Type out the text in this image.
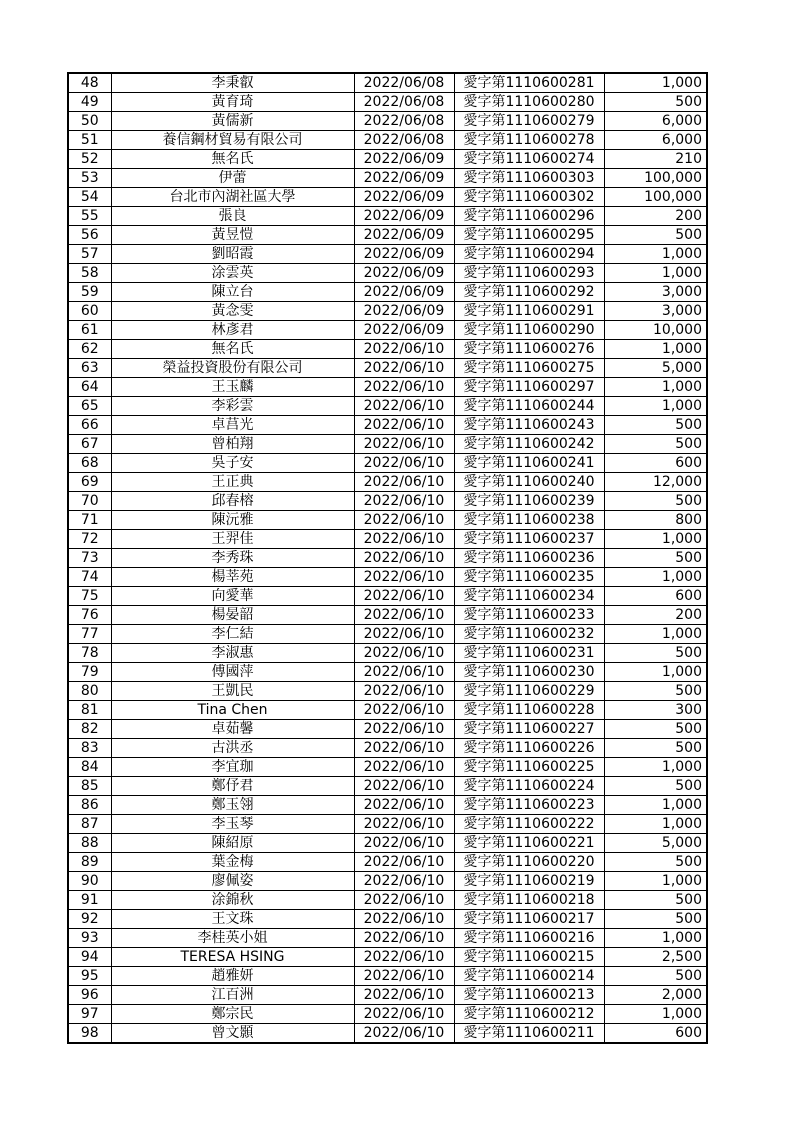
48	李秉叡	2022/06/08	愛字第1110600281	1,000
49	黃育琦	2022/06/08	愛字第1110600280	500
50	黃儒新	2022/06/08	愛字第1110600279	6,000
51	養信鋼材貿易有限公司	2022/06/08	愛字第1110600278	6,000
52	無名氏	2022/06/09	愛字第1110600274	210
53	伊蕾	2022/06/09	愛字第1110600303	100,000
54	台北市內湖社區大學	2022/06/09	愛字第1110600302	100,000
55	張良	2022/06/09	愛字第1110600296	200
56	黃昱愷	2022/06/09	愛字第1110600295	500
57	劉昭霞	2022/06/09	愛字第1110600294	1,000
58	涂雲英	2022/06/09	愛字第1110600293	1,000
59	陳立台	2022/06/09	愛字第1110600292	3,000
60	黃念雯	2022/06/09	愛字第1110600291	3,000
61	林彥君	2022/06/09	愛字第1110600290	10,000
62	無名氏	2022/06/10	愛字第1110600276	1,000
63	榮益投資股份有限公司	2022/06/10	愛字第1110600275	5,000
64	王玉麟	2022/06/10	愛字第1110600297	1,000
65	李彩雲	2022/06/10	愛字第1110600244	1,000
66	卓莒光	2022/06/10	愛字第1110600243	500
67	曾柏翔	2022/06/10	愛字第1110600242	500
68	吳子安	2022/06/10	愛字第1110600241	600
69	王正典	2022/06/10	愛字第1110600240	12,000
70	邱春榕	2022/06/10	愛字第1110600239	500
71	陳沅雅	2022/06/10	愛字第1110600238	800
72	王羿佳	2022/06/10	愛字第1110600237	1,000
73	李秀珠	2022/06/10	愛字第1110600236	500
74	楊莘苑	2022/06/10	愛字第1110600235	1,000
75	向愛華	2022/06/10	愛字第1110600234	600
76	楊晏韶	2022/06/10	愛字第1110600233	200
77	李仁結	2022/06/10	愛字第1110600232	1,000
78	李淑惠	2022/06/10	愛字第1110600231	500
79	傅國萍	2022/06/10	愛字第1110600230	1,000
80	王凱民	2022/06/10	愛字第1110600229	500
81	Tina Chen	2022/06/10	愛字第1110600228	300
82	卓茹馨	2022/06/10	愛字第1110600227	500
83	古洪丞	2022/06/10	愛字第1110600226	500
84	李宜珈	2022/06/10	愛字第1110600225	1,000
85	鄭伃君	2022/06/10	愛字第1110600224	500
86	鄭玉翎	2022/06/10	愛字第1110600223	1,000
87	李玉琴	2022/06/10	愛字第1110600222	1,000
88	陳紹原	2022/06/10	愛字第1110600221	5,000
89	葉金梅	2022/06/10	愛字第1110600220	500
90	廖佩姿	2022/06/10	愛字第1110600219	1,000
91	涂錦秋	2022/06/10	愛字第1110600218	500
92	王文珠	2022/06/10	愛字第1110600217	500
93	李桂英小姐	2022/06/10	愛字第1110600216	1,000
94	TERESA HSING	2022/06/10	愛字第1110600215	2,500
95	趙雅妍	2022/06/10	愛字第1110600214	500
96	江百洲	2022/06/10	愛字第1110600213	2,000
97	鄭宗民	2022/06/10	愛字第1110600212	1,000
98	曾文顥	2022/06/10	愛字第1110600211	600
